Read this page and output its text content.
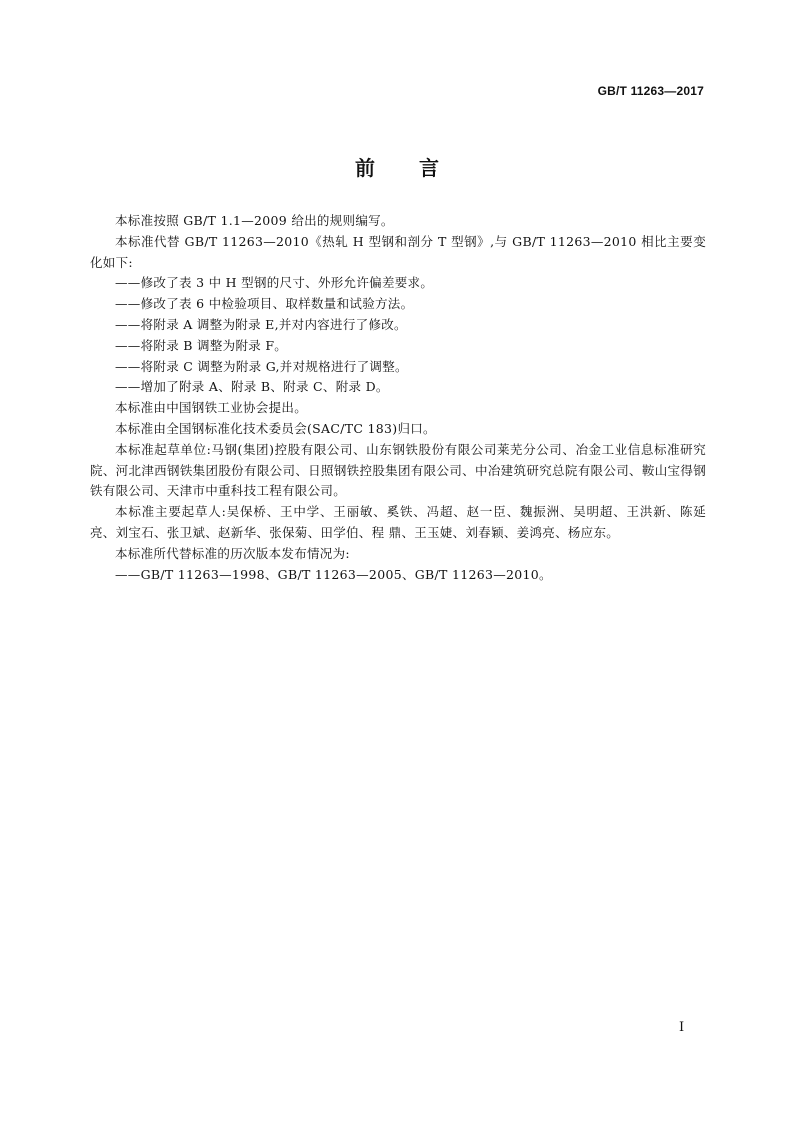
GB/T 11263—2017
前言

本标准按照 GB/T 1.1—2009 给出的规则编写。

本标准代替 GB/T 11263—2010《热轧 H 型钢和剖分 T 型钢》,与 GB/T 11263—2010 相比主要变化如下:

——修改了表 3 中 H 型钢的尺寸、外形允许偏差要求。

——修改了表 6 中检验项目、取样数量和试验方法。

——将附录 A 调整为附录 E,并对内容进行了修改。

——将附录 B 调整为附录 F。

——将附录 C 调整为附录 G,并对规格进行了调整。

——增加了附录 A、附录 B、附录 C、附录 D。

本标准由中国钢铁工业协会提出。

本标准由全国钢标准化技术委员会(SAC/TC 183)归口。

本标准起草单位:马钢(集团)控股有限公司、山东钢铁股份有限公司莱芜分公司、冶金工业信息标准研究院、河北津西钢铁集团股份有限公司、日照钢铁控股集团有限公司、中冶建筑研究总院有限公司、鞍山宝得钢铁有限公司、天津市中重科技工程有限公司。

本标准主要起草人:吴保桥、王中学、王丽敏、奚铁、冯超、赵一臣、魏振洲、吴明超、王洪新、陈延亮、刘宝石、张卫斌、赵新华、张保菊、田学伯、程 鼎、王玉婕、刘春颖、姜鸿亮、杨应东。

本标准所代替标准的历次版本发布情况为:

——GB/T 11263—1998、GB/T 11263—2005、GB/T 11263—2010。

I
